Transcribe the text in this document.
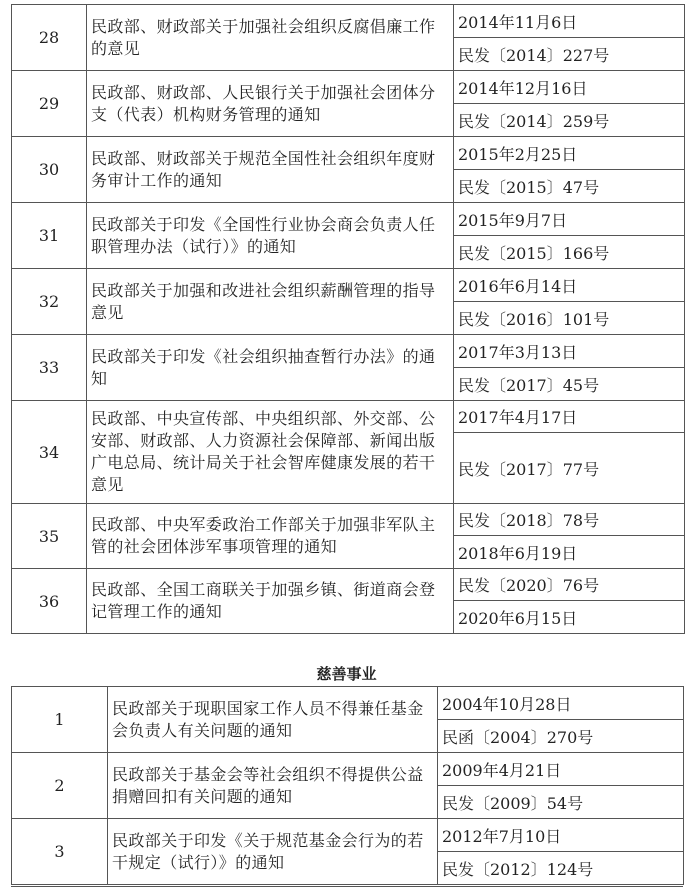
28	民政部、财政部关于加强社会组织反腐倡廉工作的意见	2014年11月6日
		民发〔2014〕227号
29	民政部、财政部、人民银行关于加强社会团体分支（代表）机构财务管理的通知	2014年12月16日
		民发〔2014〕259号
30	民政部、财政部关于规范全国性社会组织年度财务审计工作的通知	2015年2月25日
		民发〔2015〕47号
31	民政部关于印发《全国性行业协会商会负责人任职管理办法（试行）》的通知	2015年9月7日
		民发〔2015〕166号
32	民政部关于加强和改进社会组织薪酬管理的指导意见	2016年6月14日
		民发〔2016〕101号
33	民政部关于印发《社会组织抽查暂行办法》的通知	2017年3月13日
		民发〔2017〕45号
34	民政部、中央宣传部、中央组织部、外交部、公安部、财政部、人力资源社会保障部、新闻出版广电总局、统计局关于社会智库健康发展的若干意见	2017年4月17日
		民发〔2017〕77号
35	民政部、中央军委政治工作部关于加强非军队主管的社会团体涉军事项管理的通知	民发〔2018〕78号
		2018年6月19日
36	民政部、全国工商联关于加强乡镇、街道商会登记管理工作的通知	民发〔2020〕76号
		2020年6月15日
慈善事业
1	民政部关于现职国家工作人员不得兼任基金会负责人有关问题的通知	2004年10月28日
		民函〔2004〕270号
2	民政部关于基金会等社会组织不得提供公益捐赠回扣有关问题的通知	2009年4月21日
		民发〔2009〕54号
3	民政部关于印发《关于规范基金会行为的若干规定（试行）》的通知	2012年7月10日
		民发〔2012〕124号
